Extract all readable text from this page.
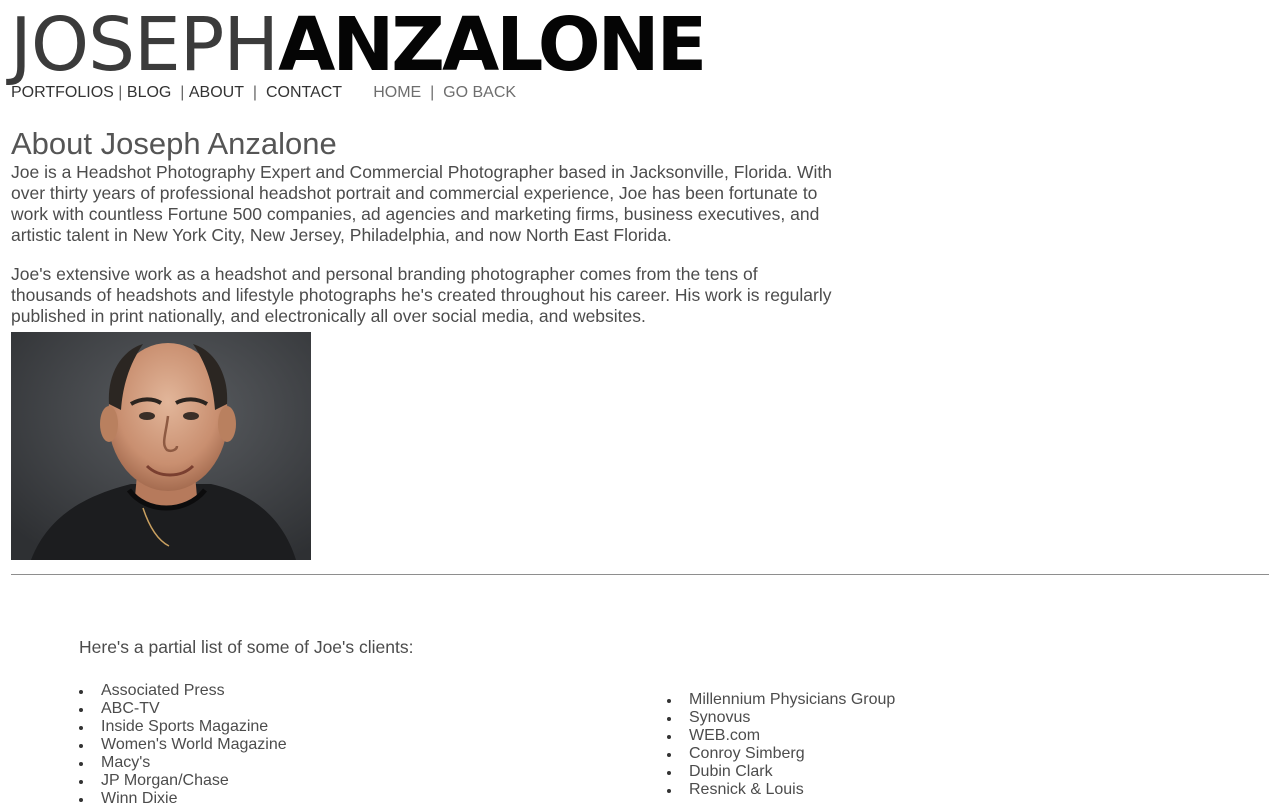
JOSEPHANZALONE
PORTFOLIOS | BLOG | ABOUT | CONTACT HOME | GO BACK
About Joseph Anzalone

Joe is a Headshot Photography Expert and Commercial Photographer based in Jacksonville, Florida. With over thirty years of professional headshot portrait and commercial experience, Joe has been fortunate to work with countless Fortune 500 companies, ad agencies and marketing firms, business executives, and artistic talent in New York City, New Jersey, Philadelphia, and now North East Florida.

Joe's extensive work as a headshot and personal branding photographer comes from the tens of thousands of headshots and lifestyle photographs he's created throughout his career. His work is regularly published in print nationally, and electronically all over social media, and websites.

Here's a partial list of some of Joe's clients:
Associated Press
ABC-TV
Inside Sports Magazine
Women's World Magazine
Macy's
JP Morgan/Chase
Winn Dixie
Millennium Physicians Group
Synovus
WEB.com
Conroy Simberg
Dubin Clark
Resnick & Louis
